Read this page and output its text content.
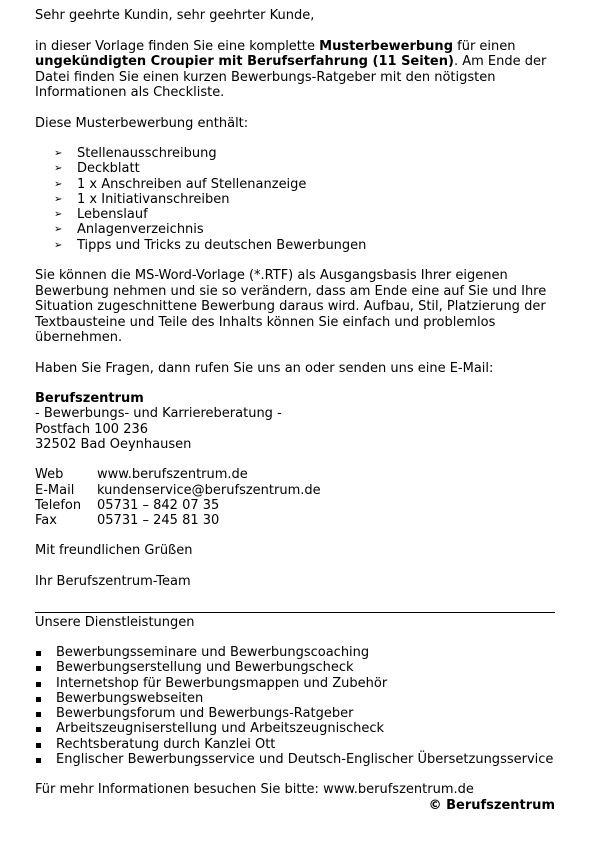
Sehr geehrte Kundin, sehr geehrter Kunde,

in dieser Vorlage finden Sie eine komplette Musterbewerbung für einen ungekündigten Croupier mit Berufserfahrung (11 Seiten). Am Ende der Datei finden Sie einen kurzen Bewerbungs-Ratgeber mit den nötigsten Informationen als Checkliste.

Diese Musterbewerbung enthält:

➢ Stellenausschreibung
➢ Deckblatt
➢ 1 x Anschreiben auf Stellenanzeige
➢ 1 x Initiativanschreiben
➢ Lebenslauf
➢ Anlagenverzeichnis
➢ Tipps und Tricks zu deutschen Bewerbungen

Sie können die MS-Word-Vorlage (*.RTF) als Ausgangsbasis Ihrer eigenen Bewerbung nehmen und sie so verändern, dass am Ende eine auf Sie und Ihre Situation zugeschnittene Bewerbung daraus wird. Aufbau, Stil, Platzierung der Textbausteine und Teile des Inhalts können Sie einfach und problemlos übernehmen.

Haben Sie Fragen, dann rufen Sie uns an oder senden uns eine E-Mail:

Berufszentrum

- Bewerbungs- und Karriereberatung -

Postfach 100 236

32502 Bad Oeynhausen

Web	www.berufszentrum.de
E-Mail	kundenservice@berufszentrum.de
Telefon	05731 – 842 07 35
Fax	05731 – 245 81 30

Mit freundlichen Grüßen

Ihr Berufszentrum-Team

Unsere Dienstleistungen

Bewerbungsseminare und Bewerbungscoaching
Bewerbungserstellung und Bewerbungscheck
Internetshop für Bewerbungsmappen und Zubehör
Bewerbungswebseiten
Bewerbungsforum und Bewerbungs-Ratgeber
Arbeitszeugniserstellung und Arbeitszeugnischeck
Rechtsberatung durch Kanzlei Ott
Englischer Bewerbungsservice und Deutsch-Englischer Übersetzungsservice

Für mehr Informationen besuchen Sie bitte: www.berufszentrum.de

© Berufszentrum
